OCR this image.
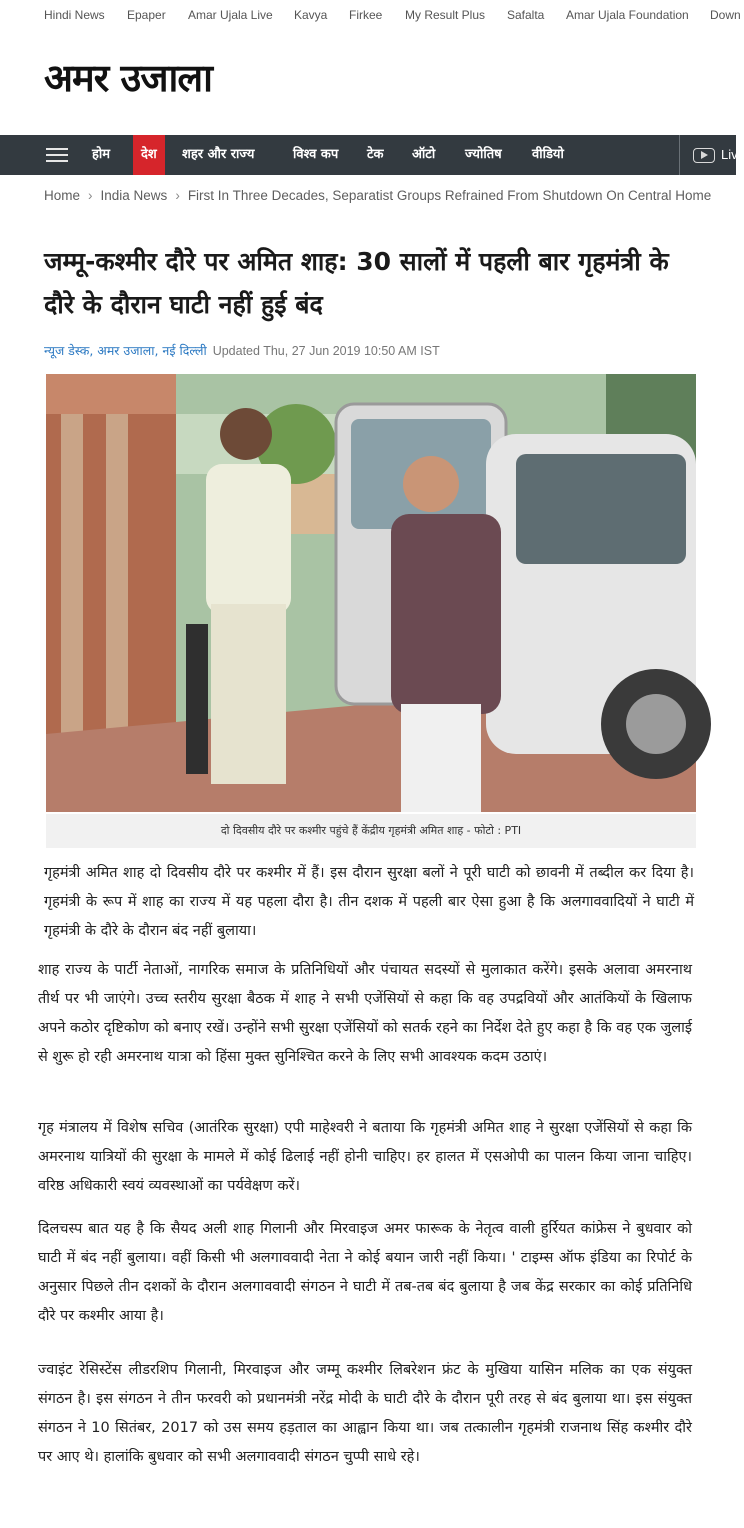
Hindi News Epaper Amar Ujala Live Kavya Firkee My Result Plus Safalta Amar Ujala Foundation Down
अमर उजाला
होम	देश	शहर और राज्य	विश्व कप टेक ऑटो ज्योतिष वीडियो	Liv
Home › India News › First In Three Decades, Separatist Groups Refrained From Shutdown On Central Home
जम्मू-कश्मीर दौरे पर अमित शाह: 30 सालों में पहली बार गृहमंत्री के दौरे के दौरान घाटी नहीं हुई बंद
न्यूज डेस्क, अमर उजाला, नई दिल्ली Updated Thu, 27 Jun 2019 10:50 AM IST
दो दिवसीय दौरे पर कश्मीर पहुंचे हैं केंद्रीय गृहमंत्री अमित शाह - फोटो : PTI

गृहमंत्री अमित शाह दो दिवसीय दौरे पर कश्मीर में हैं। इस दौरान सुरक्षा बलों ने पूरी घाटी को छावनी में तब्दील कर दिया है। गृहमंत्री के रूप में शाह का राज्य में यह पहला दौरा है। तीन दशक में पहली बार ऐसा हुआ है कि अलगाववादियों ने घाटी में गृहमंत्री के दौरे के दौरान बंद नहीं बुलाया।

शाह राज्य के पार्टी नेताओं, नागरिक समाज के प्रतिनिधियों और पंचायत सदस्यों से मुलाकात करेंगे। इसके अलावा अमरनाथ तीर्थ पर भी जाएंगे। उच्च स्तरीय सुरक्षा बैठक में शाह ने सभी एजेंसियों से कहा कि वह उपद्रवियों और आतंकियों के खिलाफ अपने कठोर दृष्टिकोण को बनाए रखें। उन्होंने सभी सुरक्षा एजेंसियों को सतर्क रहने का निर्देश देते हुए कहा है कि वह एक जुलाई से शुरू हो रही अमरनाथ यात्रा को हिंसा मुक्त सुनिश्चित करने के लिए सभी आवश्यक कदम उठाएं।

गृह मंत्रालय में विशेष सचिव (आतंरिक सुरक्षा) एपी माहेश्वरी ने बताया कि गृहमंत्री अमित शाह ने सुरक्षा एजेंसियों से कहा कि अमरनाथ यात्रियों की सुरक्षा के मामले में कोई ढिलाई नहीं होनी चाहिए। हर हालत में एसओपी का पालन किया जाना चाहिए। वरिष्ठ अधिकारी स्वयं व्यवस्थाओं का पर्यवेक्षण करें।

दिलचस्प बात यह है कि सैयद अली शाह गिलानी और मिरवाइज अमर फारूक के नेतृत्व वाली हुर्रियत कांफ्रेस ने बुधवार को घाटी में बंद नहीं बुलाया। वहीं किसी भी अलगाववादी नेता ने कोई बयान जारी नहीं किया। ' टाइम्स ऑफ इंडिया का रिपोर्ट के अनुसार पिछले तीन दशकों के दौरान अलगाववादी संगठन ने घाटी में तब-तब बंद बुलाया है जब केंद्र सरकार का कोई प्रतिनिधि दौरे पर कश्मीर आया है।

ज्वाइंट रेसिस्टेंस लीडरशिप गिलानी, मिरवाइज और जम्मू कश्मीर लिबरेशन फ्रंट के मुखिया यासिन मलिक का एक संयुक्त संगठन है। इस संगठन ने तीन फरवरी को प्रधानमंत्री नरेंद्र मोदी के घाटी दौरे के दौरान पूरी तरह से बंद बुलाया था। इस संयुक्त संगठन ने 10 सितंबर, 2017 को उस समय हड़ताल का आह्वान किया था। जब तत्कालीन गृहमंत्री राजनाथ सिंह कश्मीर दौरे पर आए थे। हालांकि बुधवार को सभी अलगाववादी संगठन चुप्पी साधे रहे।
